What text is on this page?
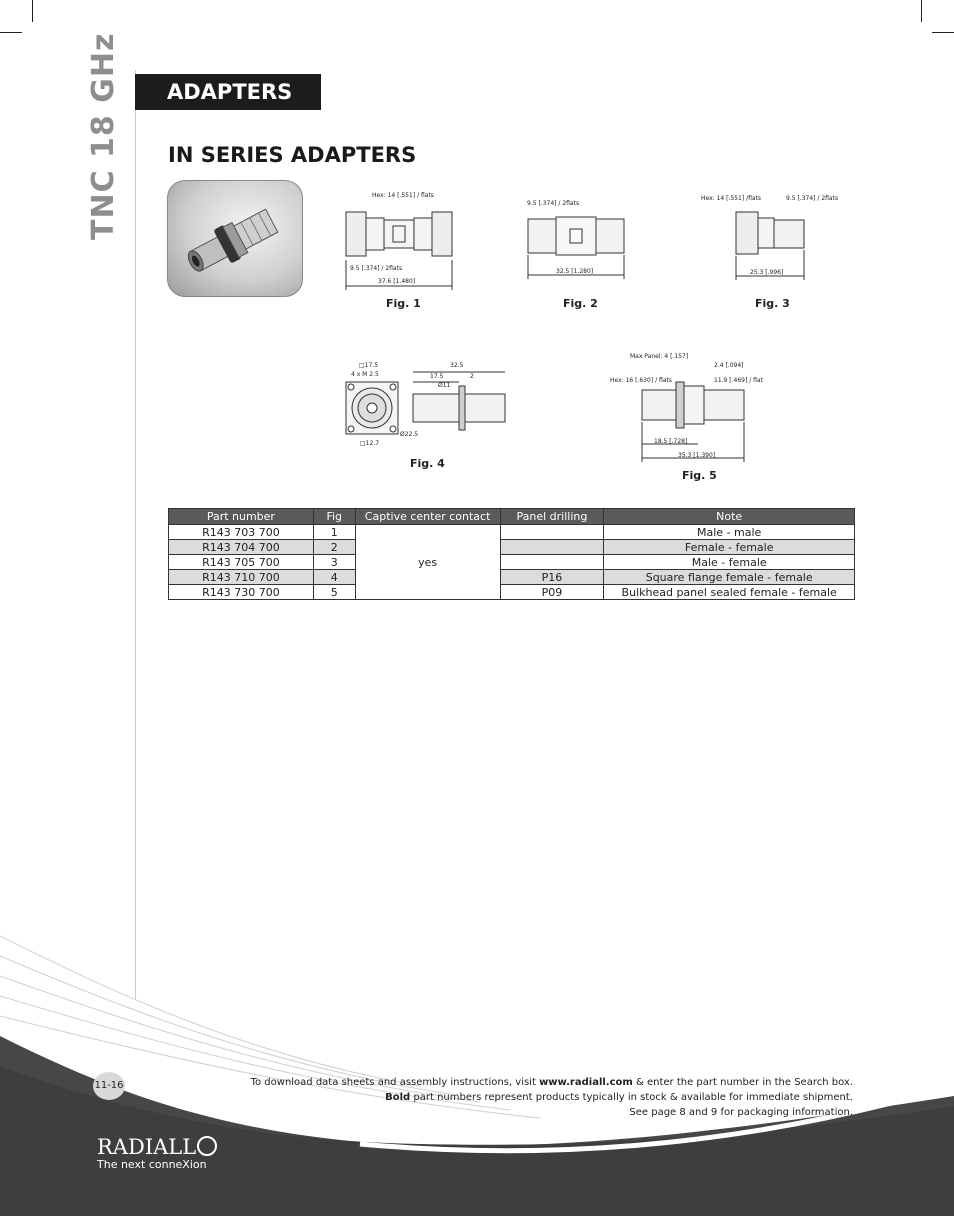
TNC 18 GHz	ADAPTERS
IN SERIES ADAPTERS
Hex: 14 [.551] / flats
9.5 [.374] / 2flats
37.6 [1.480]
Fig. 1
9.5 [.374] / 2flats
32.5 [1.280]
Fig. 2
Hex: 14 [.551] /flats	9.5 [.374] / 2flats
25.3 [.996]
Fig. 3
□17.5
4 x M 2.5
□12.7
Ø22.5
32.5
17.5	2
Ø11
Fig. 4
Max Panel: 4 [.157]
2.4 [.094]
Hex: 16 [.630] / flats	11.9 [.469] / flat
18.5 [.728]
35.3 [1.390]
Fig. 5
Part number	Fig	Captive center contact	Panel drilling	Note
R143 703 700	1	yes		Male - male
R143 704 700	2			Female - female
R143 705 700	3			Male - female
R143 710 700	4		P16	Square flange female - female
R143 730 700	5		P09	Bulkhead panel sealed female - female
11-16	To download data sheets and assembly instructions, visit www.radiall.com & enter the part number in the Search box.
Bold part numbers represent products typically in stock & available for immediate shipment.
See page 8 and 9 for packaging information.
RADIALL
The next conneXion
